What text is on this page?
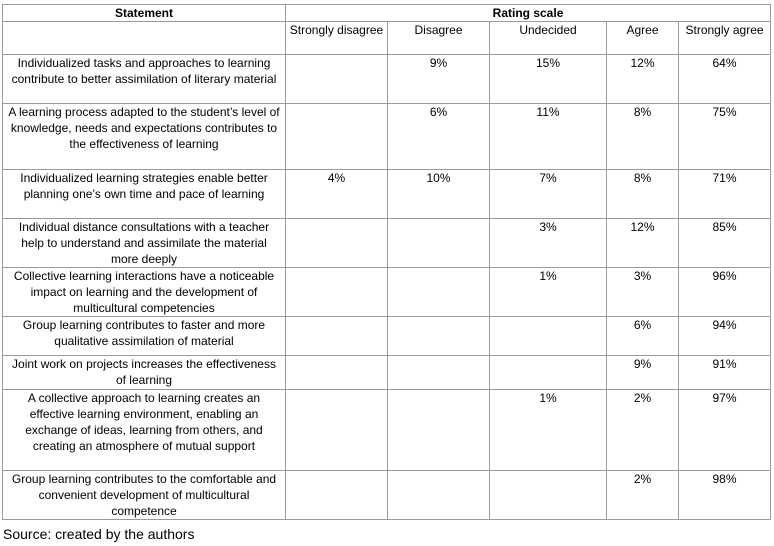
Statement	Rating scale				
	Strongly disagree	Disagree	Undecided	Agree	Strongly agree
Individualized tasks and approaches to learning contribute to better assimilation of literary material		9%	15%	12%	64%
A learning process adapted to the student’s level of knowledge, needs and expectations contributes to the effectiveness of learning		6%	11%	8%	75%
Individualized learning strategies enable better planning one’s own time and pace of learning	4%	10%	7%	8%	71%
Individual distance consultations with a teacher help to understand and assimilate the material more deeply			3%	12%	85%
Collective learning interactions have a noticeable impact on learning and the development of multicultural competencies			1%	3%	96%
Group learning contributes to faster and more qualitative assimilation of material				6%	94%
Joint work on projects increases the effectiveness of learning				9%	91%
A collective approach to learning creates an effective learning environment, enabling an exchange of ideas, learning from others, and creating an atmosphere of mutual support			1%	2%	97%
Group learning contributes to the comfortable and convenient development of multicultural competence				2%	98%
Source: created by the authors
